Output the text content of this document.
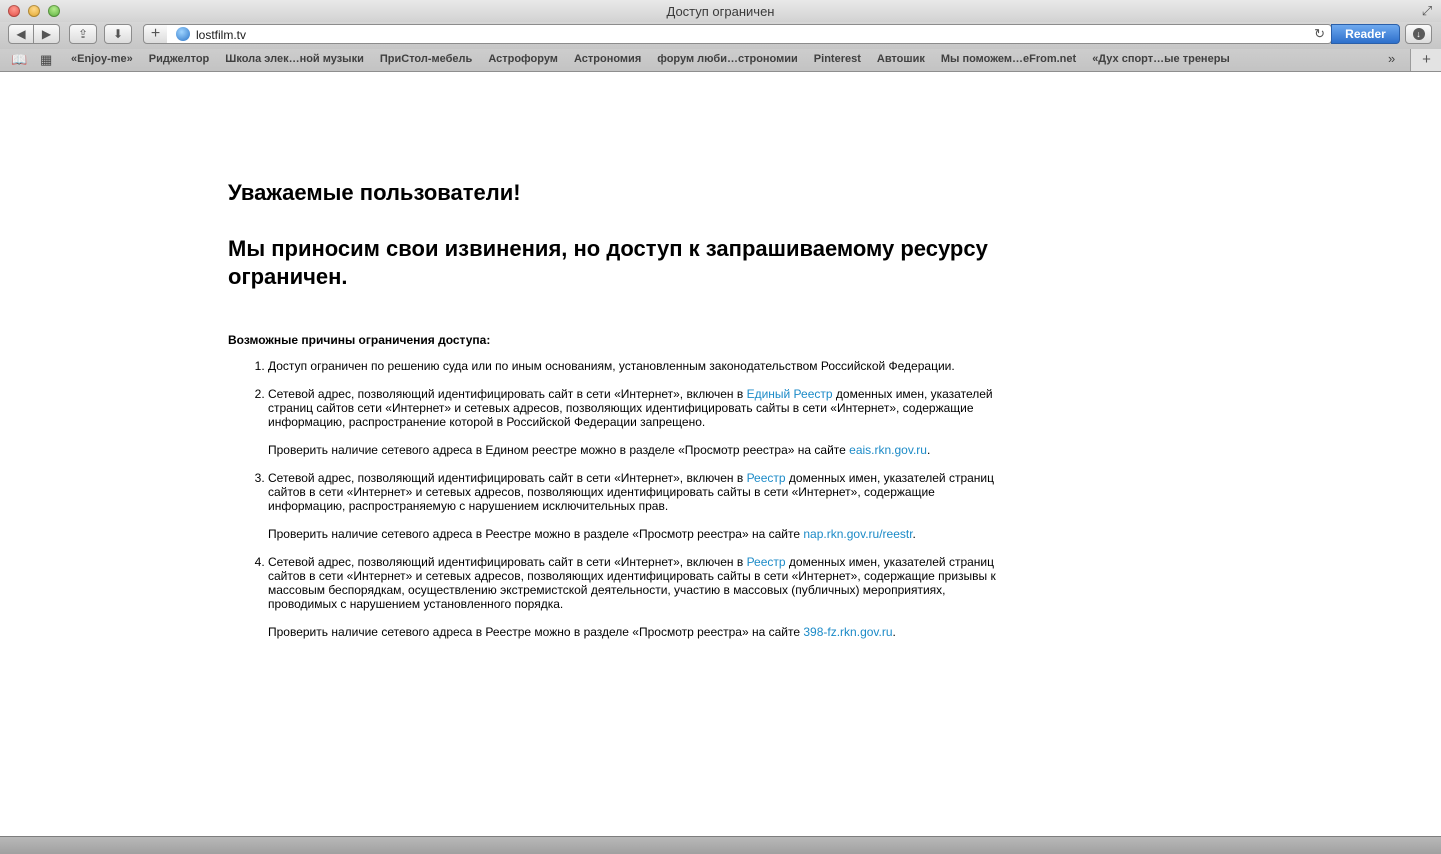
Доступ ограничен	⤢
◀ ▶ ⇪ ⬇	+	lostfilm.tv	↻	Reader	↓
📖 ▦ «Enjoy-me» Риджелтор Школа элек…ной музыки ПриСтол-мебель Астрофорум Астрономия форум люби…строномии Pinterest Автошик Мы поможем…eFrom.net «Дух спорт…ые тренеры	»	+
Уважаемые пользователи!
Мы приносим свои извинения, но доступ к запрашиваемому ресурсу ограничен.
Возможные причины ограничения доступа:

1. Доступ ограничен по решению суда или по иным основаниям, установленным законодательством Российской Федерации.

2. Сетевой адрес, позволяющий идентифицировать сайт в сети «Интернет», включен в Единый Реестр доменных имен, указателей страниц сайтов сети «Интернет» и сетевых адресов, позволяющих идентифицировать сайты в сети «Интернет», содержащие информацию, распространение которой в Российской Федерации запрещено.

Проверить наличие сетевого адреса в Едином реестре можно в разделе «Просмотр реестра» на сайте eais.rkn.gov.ru.

3. Сетевой адрес, позволяющий идентифицировать сайт в сети «Интернет», включен в Реестр доменных имен, указателей страниц сайтов в сети «Интернет» и сетевых адресов, позволяющих идентифицировать сайты в сети «Интернет», содержащие информацию, распространяемую с нарушением исключительных прав.

Проверить наличие сетевого адреса в Реестре можно в разделе «Просмотр реестра» на сайте nap.rkn.gov.ru/reestr.

4. Сетевой адрес, позволяющий идентифицировать сайт в сети «Интернет», включен в Реестр доменных имен, указателей страниц сайтов в сети «Интернет» и сетевых адресов, позволяющих идентифицировать сайты в сети «Интернет», содержащие призывы к массовым беспорядкам, осуществлению экстремистской деятельности, участию в массовых (публичных) мероприятиях, проводимых с нарушением установленного порядка.

Проверить наличие сетевого адреса в Реестре можно в разделе «Просмотр реестра» на сайте 398-fz.rkn.gov.ru.
